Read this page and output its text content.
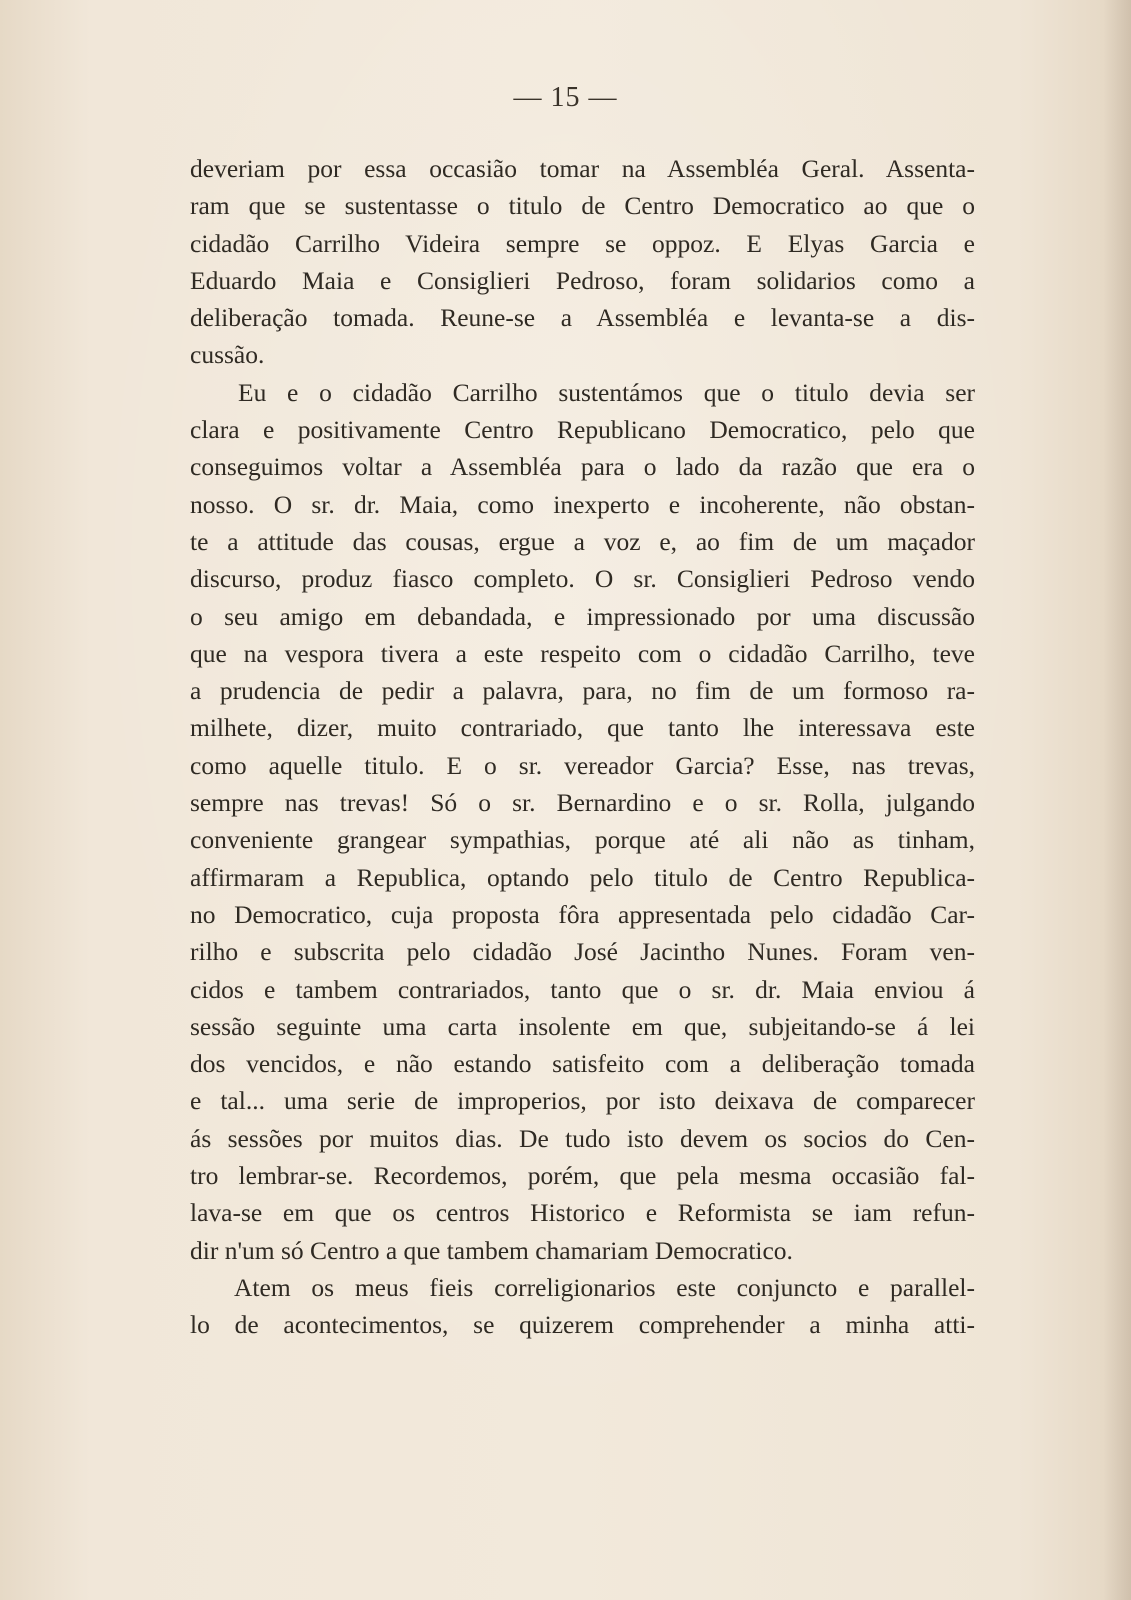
— 15 —
deveriam por essa occasião tomar na Assembléa Geral. Assenta-
ram que se sustentasse o titulo de Centro Democratico ao que o
cidadão Carrilho Videira sempre se oppoz. E Elyas Garcia e
Eduardo Maia e Consiglieri Pedroso, foram solidarios como a
deliberação tomada. Reune-se a Assembléa e levanta-se a dis-
cussão.
Eu e o cidadão Carrilho sustentámos que o titulo devia ser
clara e positivamente Centro Republicano Democratico, pelo que
conseguimos voltar a Assembléa para o lado da razão que era o
nosso. O sr. dr. Maia, como inexperto e incoherente, não obstan-
te a attitude das cousas, ergue a voz e, ao fim de um maçador
discurso, produz fiasco completo. O sr. Consiglieri Pedroso vendo
o seu amigo em debandada, e impressionado por uma discussão
que na vespora tivera a este respeito com o cidadão Carrilho, teve
a prudencia de pedir a palavra, para, no fim de um formoso ra-
milhete, dizer, muito contrariado, que tanto lhe interessava este
como aquelle titulo. E o sr. vereador Garcia? Esse, nas trevas,
sempre nas trevas! Só o sr. Bernardino e o sr. Rolla, julgando
conveniente grangear sympathias, porque até ali não as tinham,
affirmaram a Republica, optando pelo titulo de Centro Republica-
no Democratico, cuja proposta fôra appresentada pelo cidadão Car-
rilho e subscrita pelo cidadão José Jacintho Nunes. Foram ven-
cidos e tambem contrariados, tanto que o sr. dr. Maia enviou á
sessão seguinte uma carta insolente em que, subjeitando-se á lei
dos vencidos, e não estando satisfeito com a deliberação tomada
e tal... uma serie de improperios, por isto deixava de comparecer
ás sessões por muitos dias. De tudo isto devem os socios do Cen-
tro lembrar-se. Recordemos, porém, que pela mesma occasião fal-
lava-se em que os centros Historico e Reformista se iam refun-
dir n'um só Centro a que tambem chamariam Democratico.
Atem os meus fieis correligionarios este conjuncto e parallel-
lo de acontecimentos, se quizerem comprehender a minha atti-
